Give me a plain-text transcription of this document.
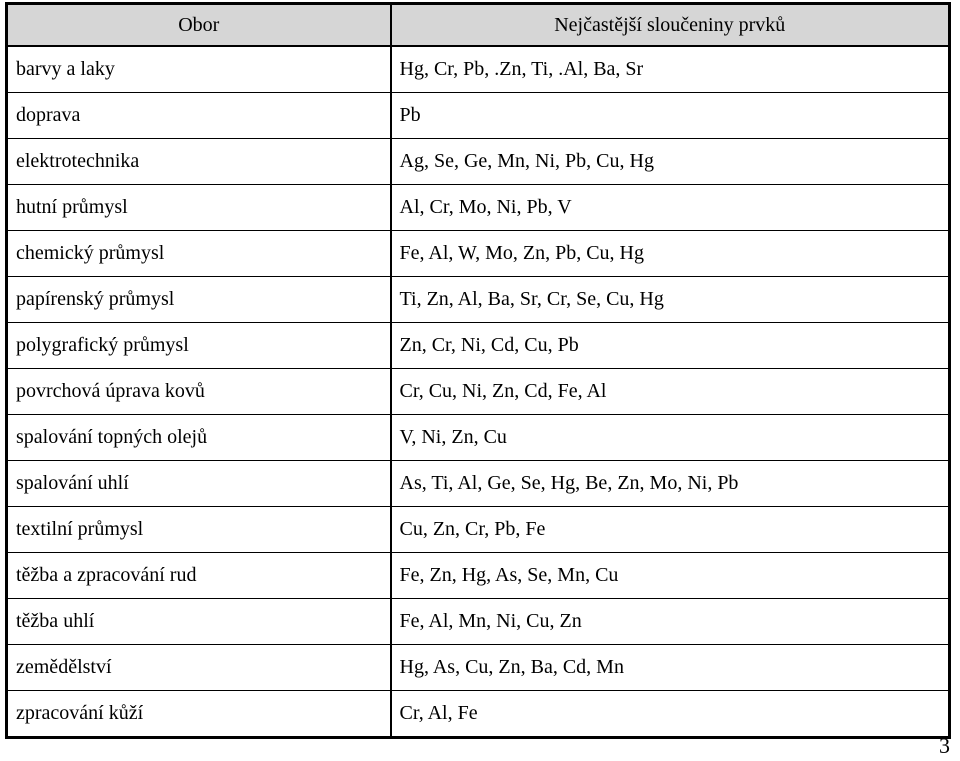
Obor	Nejčastější sloučeniny prvků
barvy a laky	Hg, Cr, Pb, .Zn, Ti, .Al, Ba, Sr
doprava	Pb
elektrotechnika	Ag, Se, Ge, Mn, Ni, Pb, Cu, Hg
hutní průmysl	Al, Cr, Mo, Ni, Pb, V
chemický průmysl	Fe, Al, W, Mo, Zn, Pb, Cu, Hg
papírenský průmysl	Ti, Zn, Al, Ba, Sr, Cr, Se, Cu, Hg
polygrafický průmysl	Zn, Cr, Ni, Cd, Cu, Pb
povrchová úprava kovů	Cr, Cu, Ni, Zn, Cd, Fe, Al
spalování topných olejů	V, Ni, Zn, Cu
spalování uhlí	As, Ti, Al, Ge, Se, Hg, Be, Zn, Mo, Ni, Pb
textilní průmysl	Cu, Zn, Cr, Pb, Fe
těžba a zpracování rud	Fe, Zn, Hg, As, Se, Mn, Cu
těžba uhlí	Fe, Al, Mn, Ni, Cu, Zn
zemědělství	Hg, As, Cu, Zn, Ba, Cd, Mn
zpracování kůží	Cr, Al, Fe
3
